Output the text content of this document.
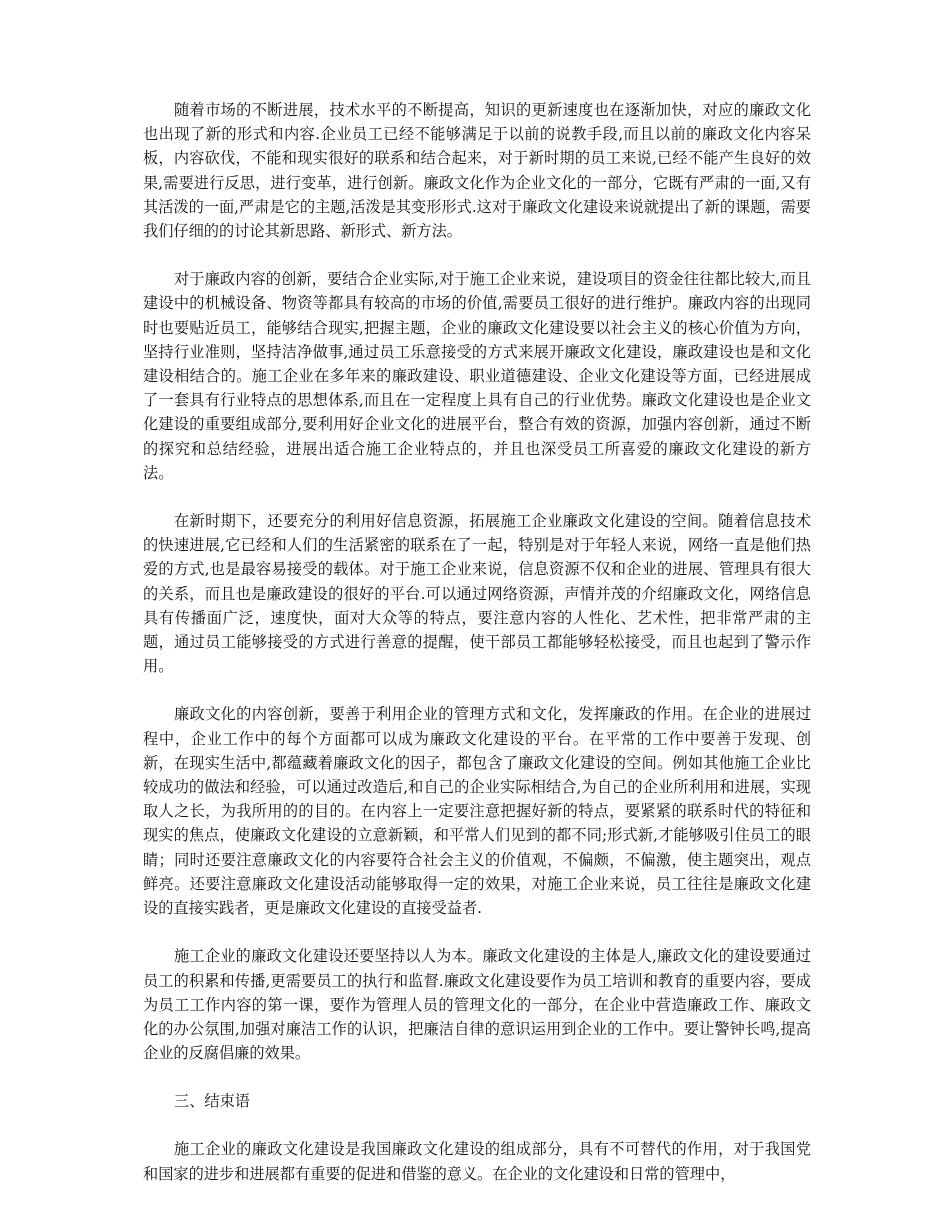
随着市场的不断进展，技术水平的不断提高，知识的更新速度也在逐渐加快，对应的廉政文化也出现了新的形式和内容.企业员工已经不能够满足于以前的说教手段,而且以前的廉政文化内容呆板，内容砍伐，不能和现实很好的联系和结合起来，对于新时期的员工来说,已经不能产生良好的效果,需要进行反思，进行变革，进行创新。廉政文化作为企业文化的一部分，它既有严肃的一面,又有其活泼的一面,严肃是它的主题,活泼是其变形形式.这对于廉政文化建设来说就提出了新的课题，需要我们仔细的的讨论其新思路、新形式、新方法。

对于廉政内容的创新，要结合企业实际,对于施工企业来说，建设项目的资金往往都比较大,而且建设中的机械设备、物资等都具有较高的市场的价值,需要员工很好的进行维护。廉政内容的出现同时也要贴近员工，能够结合现实,把握主题，企业的廉政文化建设要以社会主义的核心价值为方向，坚持行业准则，坚持洁净做事,通过员工乐意接受的方式来展开廉政文化建设，廉政建设也是和文化建设相结合的。施工企业在多年来的廉政建设、职业道德建设、企业文化建设等方面，已经进展成了一套具有行业特点的思想体系,而且在一定程度上具有自己的行业优势。廉政文化建设也是企业文化建设的重要组成部分,要利用好企业文化的进展平台，整合有效的资源，加强内容创新，通过不断的探究和总结经验，进展出适合施工企业特点的，并且也深受员工所喜爱的廉政文化建设的新方法。

在新时期下，还要充分的利用好信息资源，拓展施工企业廉政文化建设的空间。随着信息技术的快速进展,它已经和人们的生活紧密的联系在了一起，特别是对于年轻人来说，网络一直是他们热爱的方式,也是最容易接受的载体。对于施工企业来说，信息资源不仅和企业的进展、管理具有很大的关系，而且也是廉政建设的很好的平台.可以通过网络资源，声情并茂的介绍廉政文化，网络信息具有传播面广泛，速度快，面对大众等的特点，要注意内容的人性化、艺术性，把非常严肃的主题，通过员工能够接受的方式进行善意的提醒，使干部员工都能够轻松接受，而且也起到了警示作用。

廉政文化的内容创新，要善于利用企业的管理方式和文化，发挥廉政的作用。在企业的进展过程中，企业工作中的每个方面都可以成为廉政文化建设的平台。在平常的工作中要善于发现、创新，在现实生活中,都蕴藏着廉政文化的因子，都包含了廉政文化建设的空间。例如其他施工企业比较成功的做法和经验，可以通过改造后,和自己的企业实际相结合,为自己的企业所利用和进展，实现取人之长，为我所用的的目的。在内容上一定要注意把握好新的特点，要紧紧的联系时代的特征和现实的焦点，使廉政文化建设的立意新颖，和平常人们见到的都不同;形式新,才能够吸引住员工的眼睛；同时还要注意廉政文化的内容要符合社会主义的价值观，不偏颇，不偏激，使主题突出，观点鲜亮。还要注意廉政文化建设活动能够取得一定的效果，对施工企业来说，员工往往是廉政文化建设的直接实践者，更是廉政文化建设的直接受益者.

施工企业的廉政文化建设还要坚持以人为本。廉政文化建设的主体是人,廉政文化的建设要通过员工的积累和传播,更需要员工的执行和监督.廉政文化建设要作为员工培训和教育的重要内容，要成为员工工作内容的第一课，要作为管理人员的管理文化的一部分，在企业中营造廉政工作、廉政文化的办公氛围,加强对廉洁工作的认识，把廉洁自律的意识运用到企业的工作中。要让警钟长鸣,提高企业的反腐倡廉的效果。

三、结束语

施工企业的廉政文化建设是我国廉政文化建设的组成部分，具有不可替代的作用，对于我国党和国家的进步和进展都有重要的促进和借鉴的意义。在企业的文化建设和日常的管理中，
